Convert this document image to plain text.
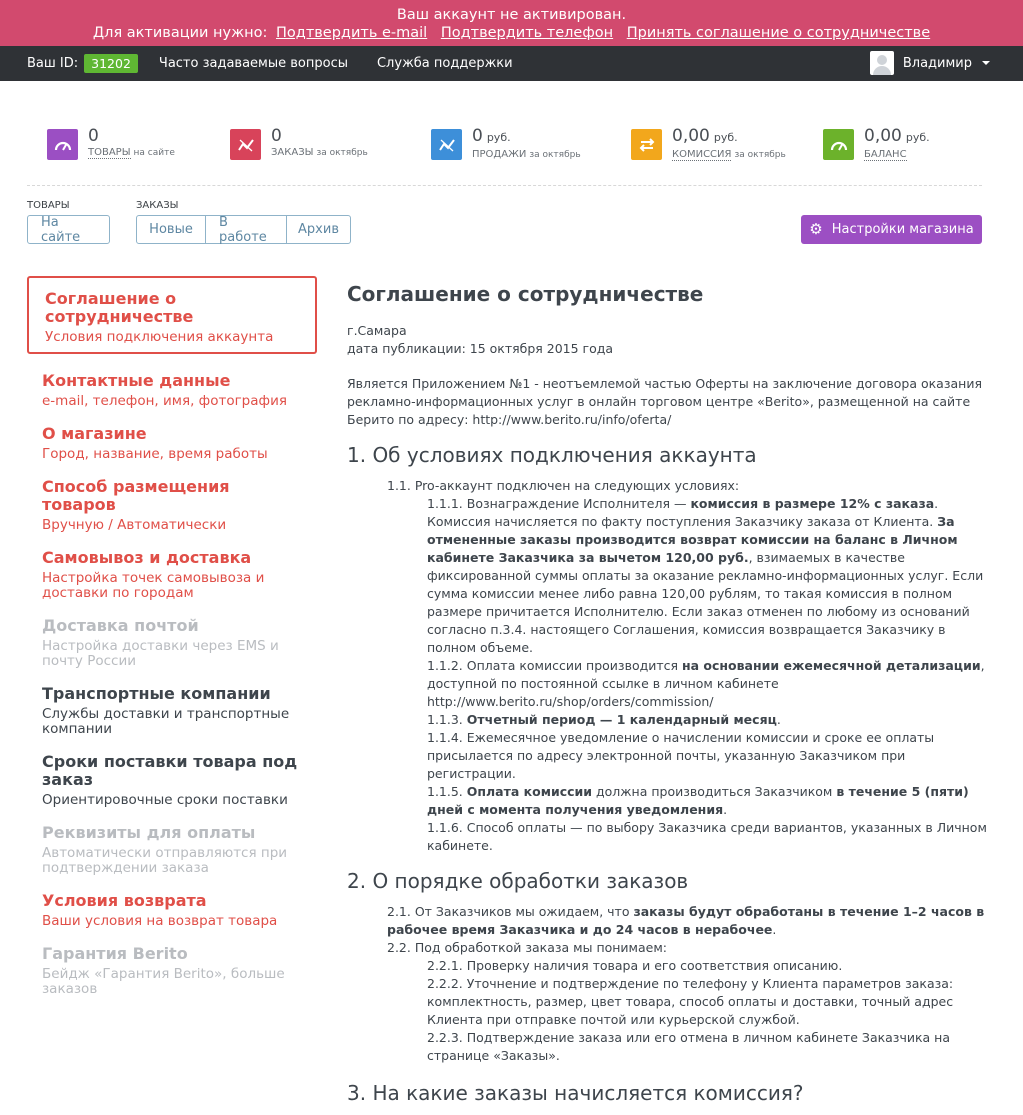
Ваш аккаунт не активирован.
Для активации нужно: Подтвердить e-mail Подтвердить телефон Принять соглашение о сотрудничестве
Ваш ID:	31202	Часто задаваемые вопросы Служба поддержки	Владимир
0
ТОВАРЫ на сайте
0
ЗАКАЗЫ за октябрь
0 руб.
ПРОДАЖИ за октябрь
0,00 руб.
КОМИССИЯ за октябрь
0,00 руб.
БАЛАНС
ТОВАРЫ
На сайте
ЗАКАЗЫ
Новые	В работе	Архив	⚙ Настройки магазина
Соглашение о сотрудничестве
Условия подключения аккаунта
Контактные данные
e-mail, телефон, имя, фотография
О магазине
Город, название, время работы
Способ размещения товаров
Вручную / Автоматически
Самовывоз и доставка
Настройка точек самовывоза и доставки по городам
Доставка почтой
Настройка доставки через EMS и почту России
Транспортные компании
Службы доставки и транспортные компании
Сроки поставки товара под заказ
Ориентировочные сроки поставки
Реквизиты для оплаты
Автоматически отправляются при подтверждении заказа
Условия возврата
Ваши условия на возврат товара
Гарантия Berito
Бейдж «Гарантия Berito», больше заказов
Соглашение о сотрудничестве

г.Самара

дата публикации: 15 октября 2015 года

Является Приложением №1 - неотъемлемой частью Оферты на заключение договора оказания рекламно-информационных услуг в онлайн торговом центре «Berito», размещенной на сайте Берито по адресу: http://www.berito.ru/info/oferta/

1. Об условиях подключения аккаунта
1.1. Pro-аккаунт подключен на следующих условиях:
1.1.1. Вознаграждение Исполнителя — комиссия в размере 12% с заказа. Комиссия начисляется по факту поступления Заказчику заказа от Клиента. За отмененные заказы производится возврат комиссии на баланс в Личном кабинете Заказчика за вычетом 120,00 руб., взимаемых в качестве фиксированной суммы оплаты за оказание рекламно-информационных услуг. Если сумма комиссии менее либо равна 120,00 рублям, то такая комиссия в полном размере причитается Исполнителю. Если заказ отменен по любому из оснований согласно п.3.4. настоящего Соглашения, комиссия возвращается Заказчику в полном объеме.
1.1.2. Оплата комиссии производится на основании ежемесячной детализации, доступной по постоянной ссылке в личном кабинете http://www.berito.ru/shop/orders/commission/
1.1.3. Отчетный период — 1 календарный месяц.
1.1.4. Ежемесячное уведомление о начислении комиссии и сроке ее оплаты присылается по адресу электронной почты, указанную Заказчиком при регистрации.
1.1.5. Оплата комиссии должна производиться Заказчиком в течение 5 (пяти) дней с момента получения уведомления.
1.1.6. Способ оплаты — по выбору Заказчика среди вариантов, указанных в Личном кабинете.
2. О порядке обработки заказов
2.1. От Заказчиков мы ожидаем, что заказы будут обработаны в течение 1–2 часов в рабочее время Заказчика и до 24 часов в нерабочее.
2.2. Под обработкой заказа мы понимаем:
2.2.1. Проверку наличия товара и его соответствия описанию.
2.2.2. Уточнение и подтверждение по телефону у Клиента параметров заказа: комплектность, размер, цвет товара, способ оплаты и доставки, точный адрес Клиента при отправке почтой или курьерской службой.
2.2.3. Подтверждение заказа или его отмена в личном кабинете Заказчика на странице «Заказы».
3. На какие заказы начисляется комиссия?
